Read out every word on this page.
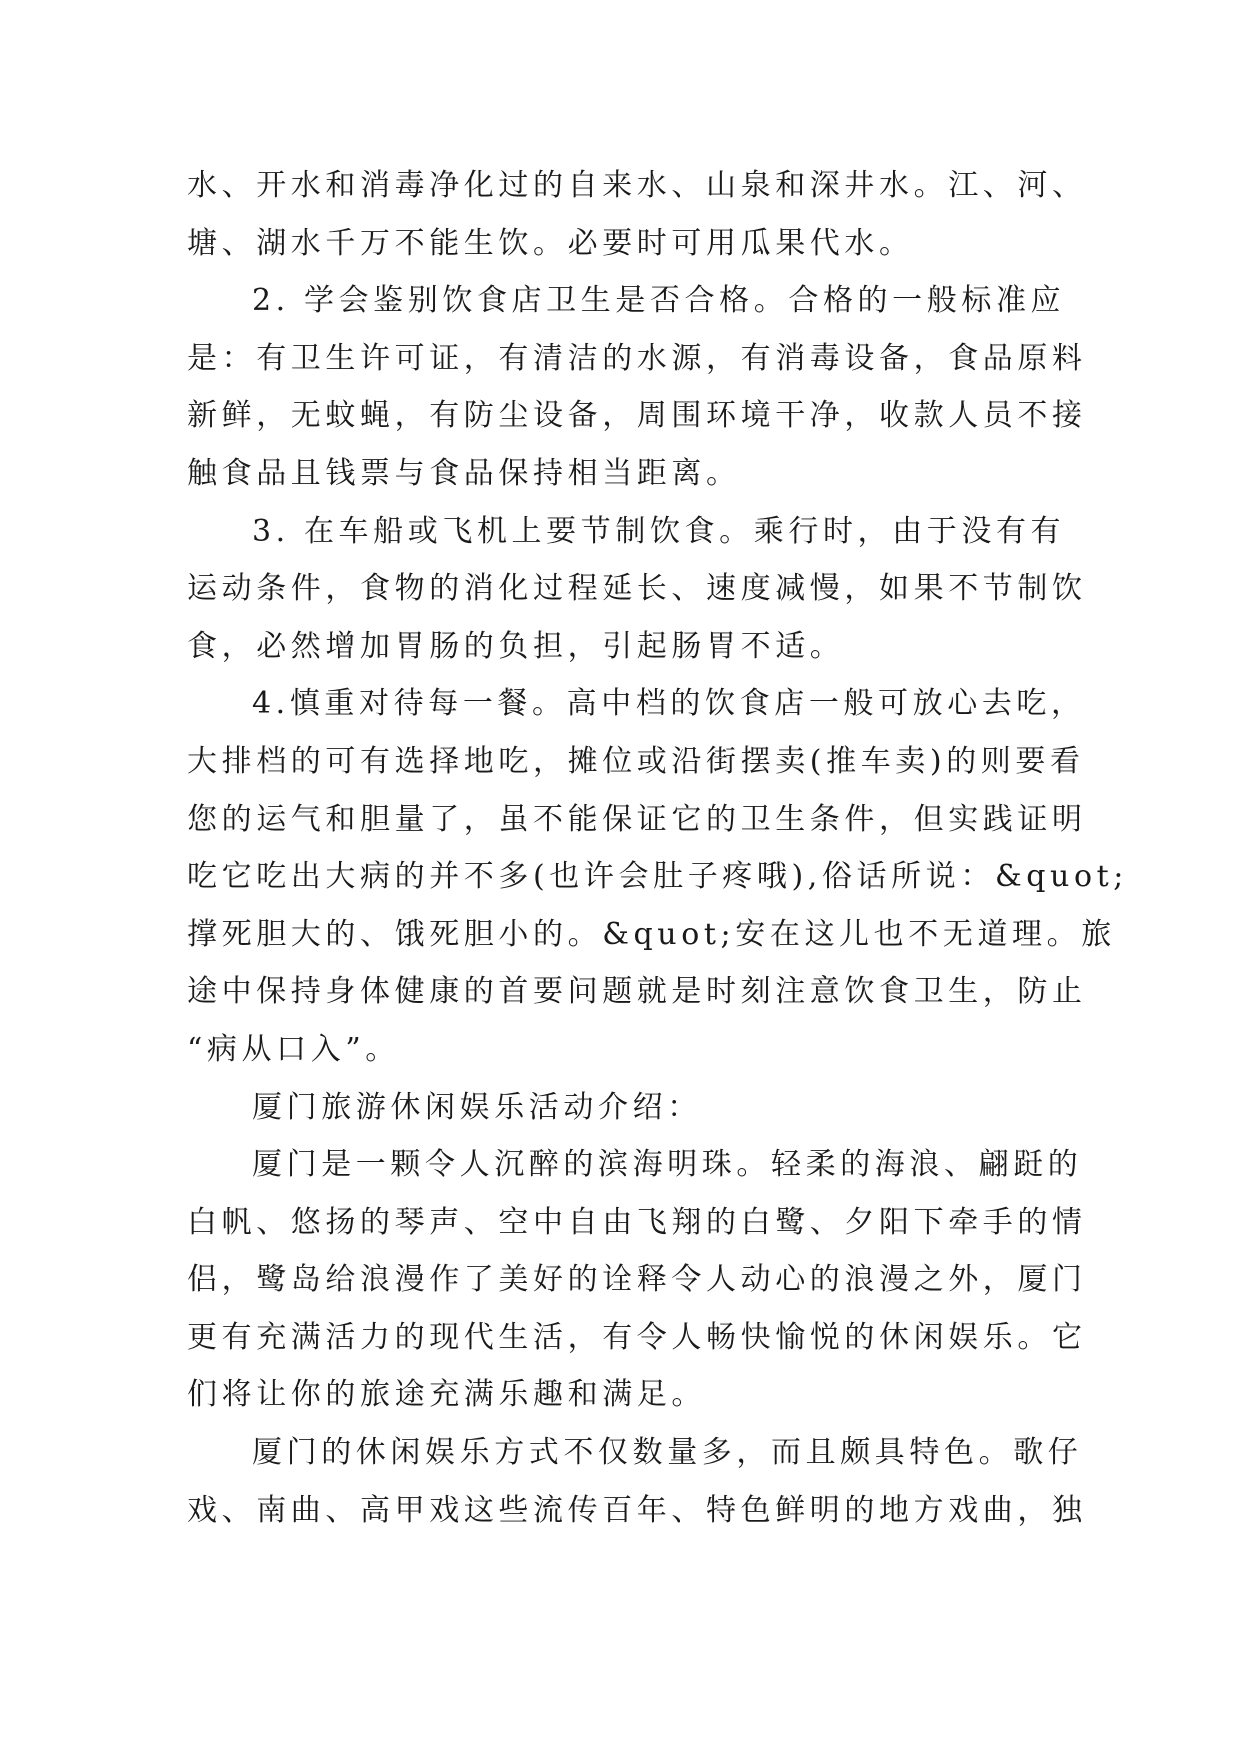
水、开水和消毒净化过的自来水、山泉和深井水。江、河、
塘、湖水千万不能生饮。必要时可用瓜果代水。
2. 学会鉴别饮食店卫生是否合格。合格的一般标准应
是：有卫生许可证，有清洁的水源，有消毒设备，食品原料
新鲜，无蚊蝇，有防尘设备，周围环境干净，收款人员不接
触食品且钱票与食品保持相当距离。
3. 在车船或飞机上要节制饮食。乘行时，由于没有有
运动条件，食物的消化过程延长、速度减慢，如果不节制饮
食，必然增加胃肠的负担，引起肠胃不适。
4.慎重对待每一餐。高中档的饮食店一般可放心去吃，
大排档的可有选择地吃，摊位或沿街摆卖(推车卖)的则要看
您的运气和胆量了，虽不能保证它的卫生条件，但实践证明
吃它吃出大病的并不多(也许会肚子疼哦),俗话所说：&quot;
撑死胆大的、饿死胆小的。&quot;安在这儿也不无道理。旅
途中保持身体健康的首要问题就是时刻注意饮食卫生，防止
“病从口入”。
厦门旅游休闲娱乐活动介绍：
厦门是一颗令人沉醉的滨海明珠。轻柔的海浪、翩跹的
白帆、悠扬的琴声、空中自由飞翔的白鹭、夕阳下牵手的情
侣，鹭岛给浪漫作了美好的诠释令人动心的浪漫之外，厦门
更有充满活力的现代生活，有令人畅快愉悦的休闲娱乐。它
们将让你的旅途充满乐趣和满足。
厦门的休闲娱乐方式不仅数量多，而且颇具特色。歌仔
戏、南曲、高甲戏这些流传百年、特色鲜明的地方戏曲，独
